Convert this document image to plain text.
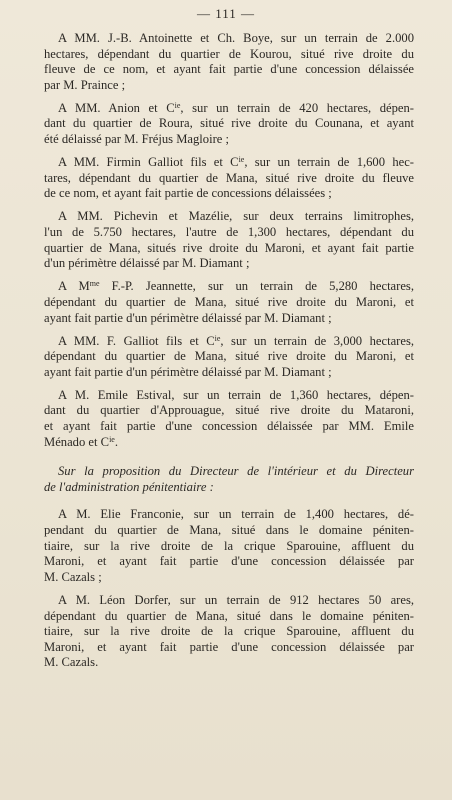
— 111 —

A MM. J.-B. Antoinette et Ch. Boye, sur un terrain de 2.000
hectares, dépendant du quartier de Kourou, situé rive droite du
fleuve de ce nom, et ayant fait partie d'une concession délaissée
par M. Praince ;

A MM. Anion et $C^{ie}$, sur un terrain de 420 hectares, dépen-
dant du quartier de Roura, situé rive droite du Counana, et ayant
été délaissé par M. Fréjus Magloire ;

A MM. Firmin Galliot fils et $C^{ie}$, sur un terrain de 1,600 hec-
tares, dépendant du quartier de Mana, situé rive droite du fleuve
de ce nom, et ayant fait partie de concessions délaissées ;

A MM. Pichevin et Mazélie, sur deux terrains limitrophes,
l'un de 5.750 hectares, l'autre de 1,300 hectares, dépendant du
quartier de Mana, situés rive droite du Maroni, et ayant fait partie
d'un périmètre délaissé par M. Diamant ;

A $M^{me}$ F.-P. Jeannette, sur un terrain de 5,280 hectares,
dépendant du quartier de Mana, situé rive droite du Maroni, et
ayant fait partie d'un périmètre délaissé par M. Diamant ;

A MM. F. Galliot fils et $C^{ie}$, sur un terrain de 3,000 hectares,
dépendant du quartier de Mana, situé rive droite du Maroni, et
ayant fait partie d'un périmètre délaissé par M. Diamant ;

A M. Emile Estival, sur un terrain de 1,360 hectares, dépen-
dant du quartier d'Approuague, situé rive droite du Mataroni,
et ayant fait partie d'une concession délaissée par MM. Emile
Ménado et $C^{ie}$.

Sur la proposition du Directeur de l'intérieur et du Directeur
de l'administration pénitentiaire :

A M. Elie Franconie, sur un terrain de 1,400 hectares, dé-
pendant du quartier de Mana, situé dans le domaine péniten-
tiaire, sur la rive droite de la crique Sparouine, affluent du
Maroni, et ayant fait partie d'une concession délaissée par
M. Cazals ;

A M. Léon Dorfer, sur un terrain de 912 hectares 50 ares,
dépendant du quartier de Mana, situé dans le domaine péniten-
tiaire, sur la rive droite de la crique Sparouine, affluent du
Maroni, et ayant fait partie d'une concession délaissée par
M. Cazals.
